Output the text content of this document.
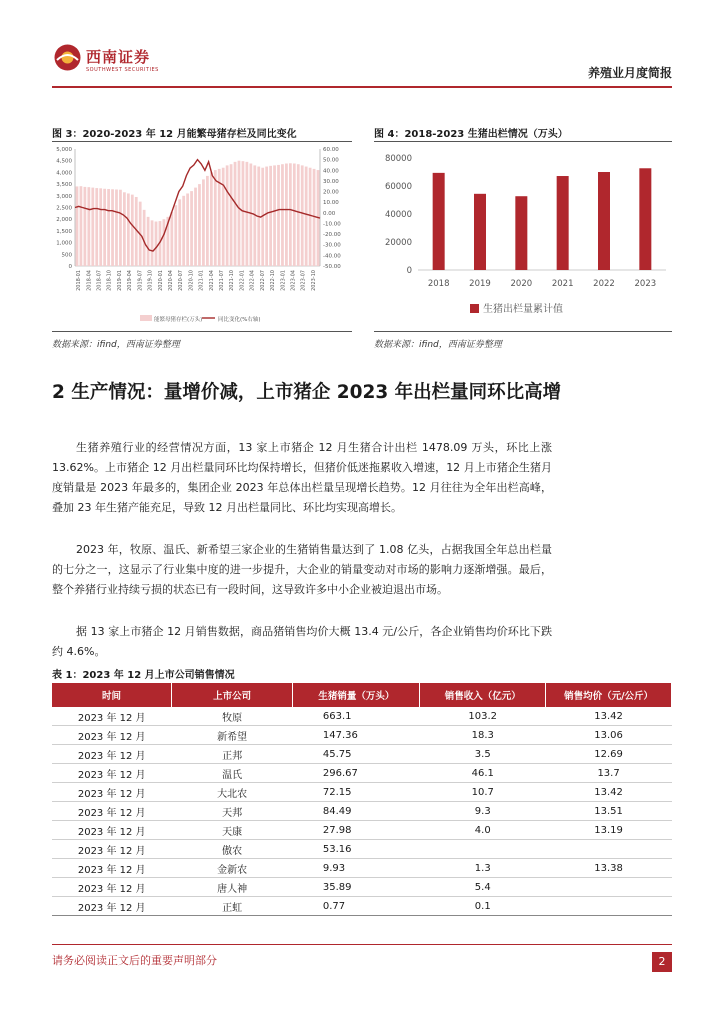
西南证券
SOUTHWEST SECURITIES	养殖业月度简报
图 3：2020-2023 年 12 月能繁母猪存栏及同比变化	图 4：2018-2023 生猪出栏情况（万头）
5,000
4,500
4,000
3,500
3,000
2,500
2,000
1,500
1,000
500
0
60.00
50.00
40.00
30.00
20.00
10.00
0.00
-10.00
-20.00
-30.00
-40.00
-50.00
2018-01 2018-04 2018-07 2018-10 2019-01 2019-04 2019-07 2019-10 2020-01 2020-04 2020-07 2020-10 2021-01 2021-04 2021-07 2021-10 2022-01 2022-04 2022-07 2022-10 2023-01 2023-04 2023-07 2023-10
能繁母猪存栏(万头)	同比变化(%右轴)
80000
60000
40000
20000
0
2018 2019 2020 2021 2022 2023
生猪出栏量累计值
数据来源：ifind，西南证券整理	数据来源：ifind，西南证券整理
2 生产情况：量增价减，上市猪企 2023 年出栏量同环比高增
生猪养殖行业的经营情况方面，13 家上市猪企 12 月生猪合计出栏 1478.09 万头，环比上涨 13.62%。上市猪企 12 月出栏量同环比均保持增长，但猪价低迷拖累收入增速，12 月上市猪企生猪月度销量是 2023 年最多的，集团企业 2023 年总体出栏量呈现增长趋势。12 月往往为全年出栏高峰，叠加 23 年生猪产能充足，导致 12 月出栏量同比、环比均实现高增长。
2023 年，牧原、温氏、新希望三家企业的生猪销售量达到了 1.08 亿头，占据我国全年总出栏量的七分之一，这显示了行业集中度的进一步提升，大企业的销量变动对市场的影响力逐渐增强。最后，整个养猪行业持续亏损的状态已有一段时间，这导致许多中小企业被迫退出市场。
据 13 家上市猪企 12 月销售数据，商品猪销售均价大概 13.4 元/公斤，各企业销售均价环比下跌约 4.6%。
表 1：2023 年 12 月上市公司销售情况
时间	上市公司	生猪销量（万头）	销售收入（亿元）	销售均价（元/公斤）
2023 年 12 月	牧原	663.1	103.2	13.42
2023 年 12 月	新希望	147.36	18.3	13.06
2023 年 12 月	正邦	45.75	3.5	12.69
2023 年 12 月	温氏	296.67	46.1	13.7
2023 年 12 月	大北农	72.15	10.7	13.42
2023 年 12 月	天邦	84.49	9.3	13.51
2023 年 12 月	天康	27.98	4.0	13.19
2023 年 12 月	傲农	53.16		
2023 年 12 月	金新农	9.93	1.3	13.38
2023 年 12 月	唐人神	35.89	5.4	
2023 年 12 月	正虹	0.77	0.1	
请务必阅读正文后的重要声明部分	2
